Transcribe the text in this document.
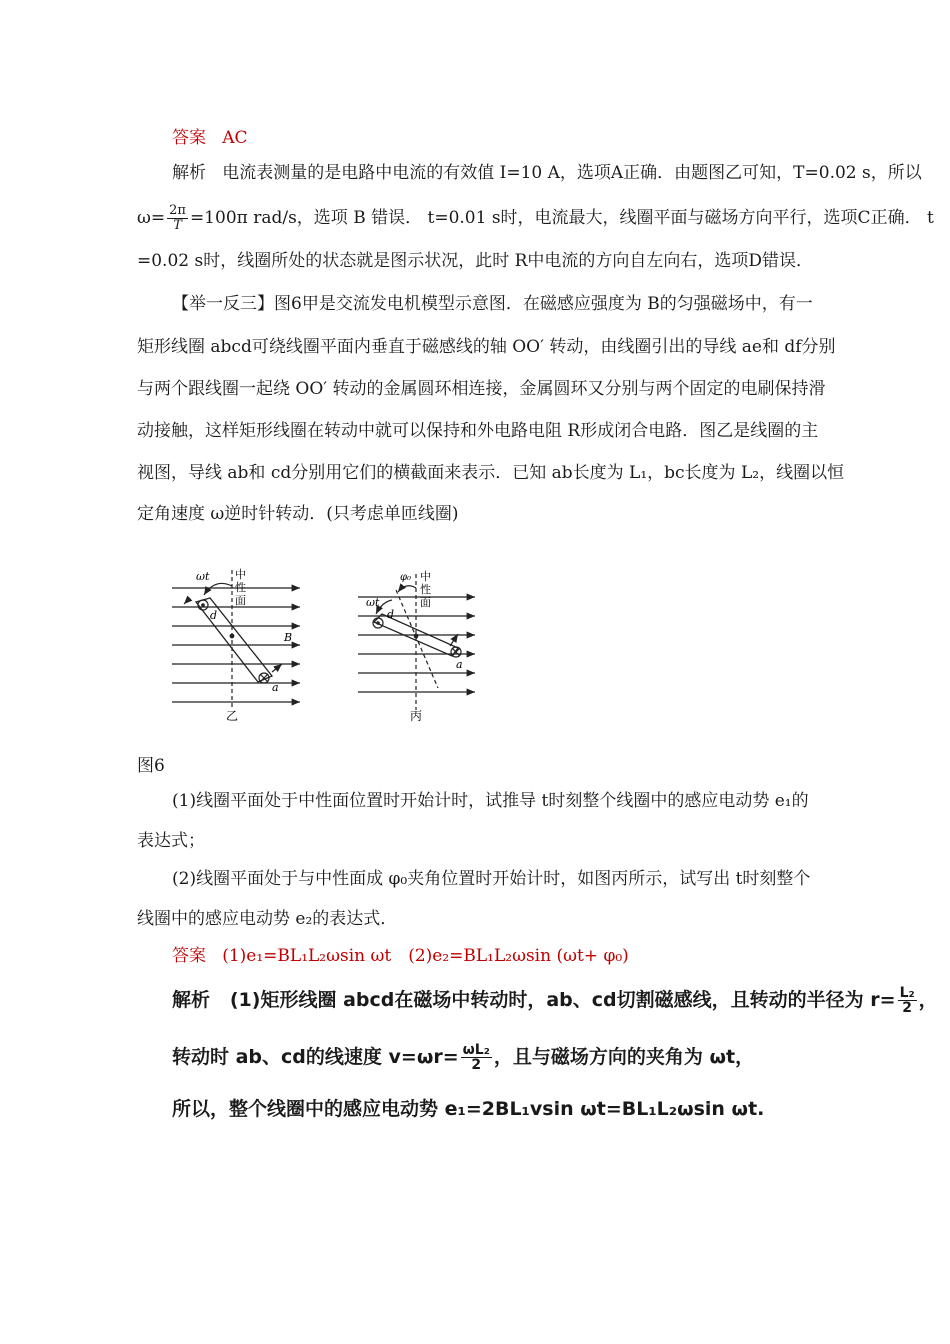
答案 AC
解析 电流表测量的是电路中电流的有效值 I=10 A，选项A正确．由题图乙可知，T=0.02 s，所以
$\omega= \frac{2\pi}{T} =100\pi$ rad/s，选项 B 错误． t=0.01 s时，电流最大，线圈平面与磁场方向平行，选项C正确． t
=0.02 s时，线圈所处的状态就是图示状况，此时 R中电流的方向自左向右，选项D错误．
【举一反三】图6甲是交流发电机模型示意图．在磁感应强度为 B的匀强磁场中，有一
矩形线圈 abcd可绕线圈平面内垂直于磁感线的轴 OO′ 转动，由线圈引出的导线 ae和 df分别
与两个跟线圈一起绕 OO′ 转动的金属圆环相连接，金属圆环又分别与两个固定的电刷保持滑
动接触，这样矩形线圈在转动中就可以保持和外电路电阻 R形成闭合电路．图乙是线圈的主
视图，导线 ab和 cd分别用它们的横截面来表示．已知 ab长度为 L₁，bc长度为 L₂，线圈以恒
定角速度 ω逆时针转动．(只考虑单匝线圈)
ωt 中
性
面
d
a
B
乙
φ₀ 中
性
面
ωt
d
a
丙
图6
(1)线圈平面处于中性面位置时开始计时，试推导 t时刻整个线圈中的感应电动势 e₁的
表达式；
(2)线圈平面处于与中性面成 φ₀夹角位置时开始计时，如图丙所示，试写出 t时刻整个
线圈中的感应电动势 e₂的表达式．
答案 (1)e₁=BL₁L₂ωsin ωt　(2)e₂=BL₁L₂ωsin (ωt+ φ₀)
解析 (1)矩形线圈 abcd在磁场中转动时，ab、cd切割磁感线，且转动的半径为 $r= \frac{\text{L₂}}{2}$ ，
转动时 ab、cd的线速度 $v=\omega r= \frac{\text{ωL₂}}{2}$ ，且与磁场方向的夹角为 ωt，
所以，整个线圈中的感应电动势 e₁=2BL₁vsin ωt=BL₁L₂ωsin ωt.
